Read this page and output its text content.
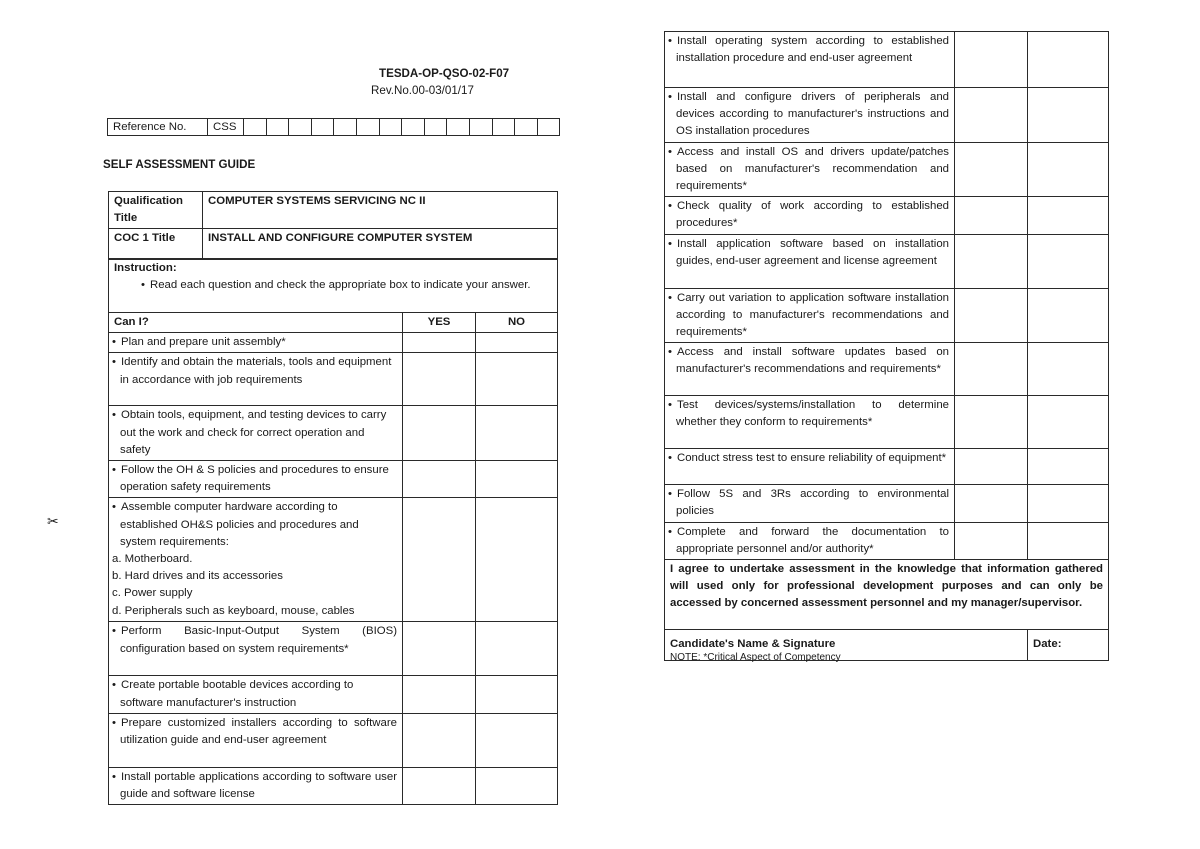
TESDA-OP-QSO-02-F07
Rev.No.00-03/01/17
✂
Reference No.	CSS														
SELF ASSESSMENT GUIDE
Qualification Title	COMPUTER SYSTEMS SERVICING NC II
COC 1 Title	INSTALL AND CONFIGURE COMPUTER SYSTEM
Instruction:
• Read each question and check the appropriate box to indicate your answer.		

Can I?	YES	NO
• Plan and prepare unit assembly*		
• Identify and obtain the materials, tools and equipment in accordance with job requirements		
• Obtain tools, equipment, and testing devices to carry out the work and check for correct operation and safety		
• Follow the OH & S policies and procedures to ensure operation safety requirements		

• Assemble computer hardware according to established OH&S policies and procedures and system requirements:
a. Motherboard.
b. Hard drives and its accessories
c. Power supply
d. Peripherals such as keyboard, mouse, cables		

• Perform Basic-Input-Output System (BIOS) configuration based on system requirements*		
• Create portable bootable devices according to software manufacturer's instruction		
• Prepare customized installers according to software utilization guide and end-user agreement		
• Install portable applications according to software user guide and software license		
• Install operating system according to established installation procedure and end-user agreement		
• Install and configure drivers of peripherals and devices according to manufacturer's instructions and OS installation procedures		
• Access and install OS and drivers update/patches based on manufacturer's recommendation and requirements*		
• Check quality of work according to established procedures*		
• Install application software based on installation guides, end-user agreement and license agreement		
• Carry out variation to application software installation according to manufacturer's recommendations and requirements*		
• Access and install software updates based on manufacturer's recommendations and requirements*		
• Test devices/systems/installation to determine whether they conform to requirements*		
• Conduct stress test to ensure reliability of equipment*		
• Follow 5S and 3Rs according to environmental policies		
• Complete and forward the documentation to appropriate personnel and/or authority*		
I agree to undertake assessment in the knowledge that information gathered will used only for professional development purposes and can only be accessed by concerned assessment personnel and my manager/supervisor.		
Candidate's Name & Signature		Date:
NOTE: *Critical Aspect of Competency
